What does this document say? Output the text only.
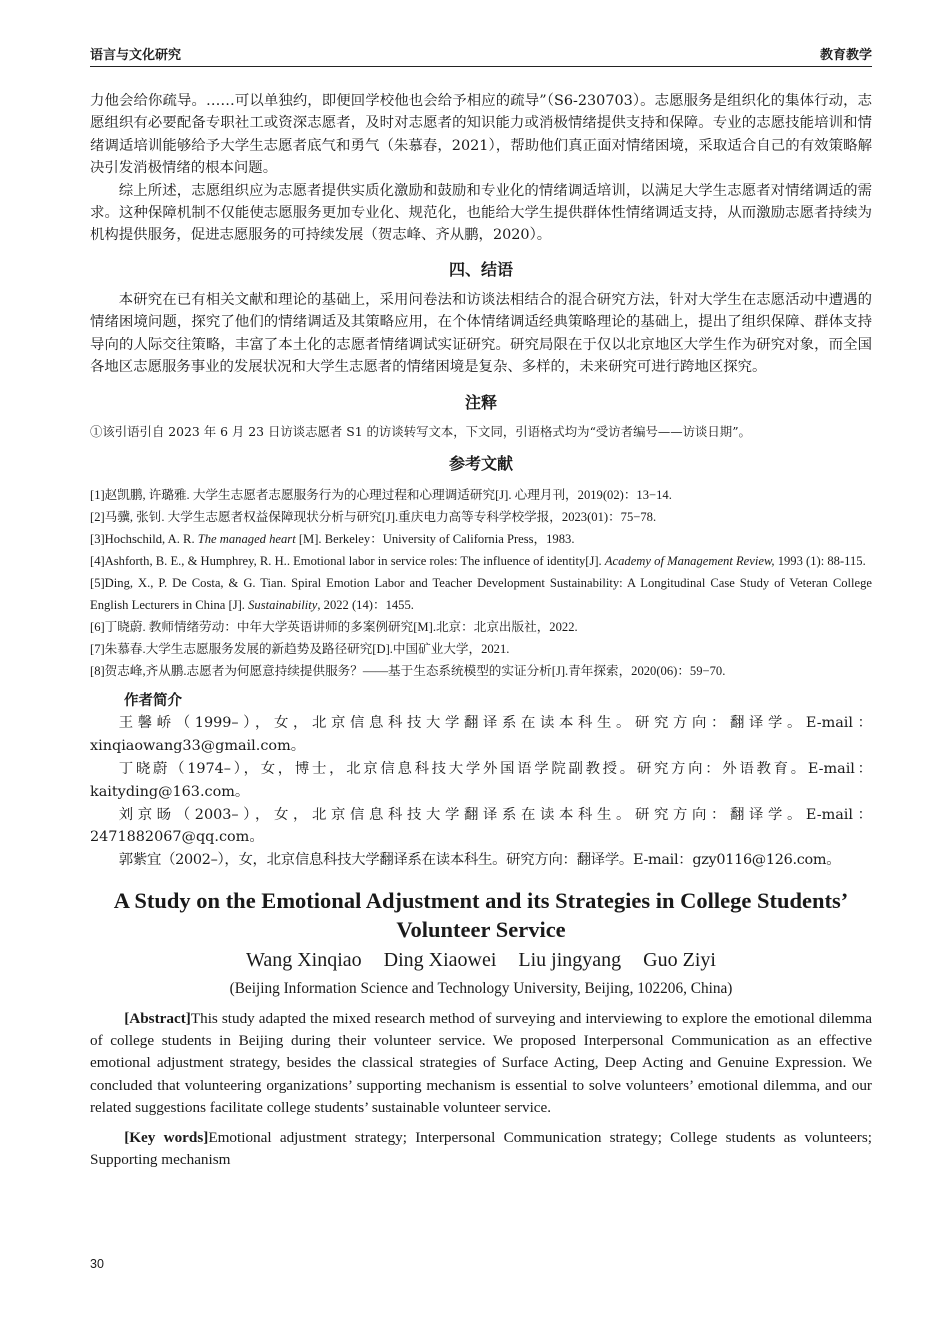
语言与文化研究	教育教学

力他会给你疏导。……可以单独约，即便回学校他也会给予相应的疏导”（S6-230703）。志愿服务是组织化的集体行动，志愿组织有必要配备专职社工或资深志愿者，及时对志愿者的知识能力或消极情绪提供支持和保障。专业的志愿技能培训和情绪调适培训能够给予大学生志愿者底气和勇气（朱慕春，2021），帮助他们真正面对情绪困境，采取适合自己的有效策略解决引发消极情绪的根本问题。

综上所述，志愿组织应为志愿者提供实质化激励和鼓励和专业化的情绪调适培训，以满足大学生志愿者对情绪调适的需求。这种保障机制不仅能使志愿服务更加专业化、规范化，也能给大学生提供群体性情绪调适支持，从而激励志愿者持续为机构提供服务，促进志愿服务的可持续发展（贺志峰、齐从鹏，2020）。

四、结语

本研究在已有相关文献和理论的基础上，采用问卷法和访谈法相结合的混合研究方法，针对大学生在志愿活动中遭遇的情绪困境问题，探究了他们的情绪调适及其策略应用，在个体情绪调适经典策略理论的基础上，提出了组织保障、群体支持导向的人际交往策略，丰富了本土化的志愿者情绪调试实证研究。研究局限在于仅以北京地区大学生作为研究对象，而全国各地区志愿服务事业的发展状况和大学生志愿者的情绪困境是复杂、多样的，未来研究可进行跨地区探究。

注释

①该引语引自 2023 年 6 月 23 日访谈志愿者 S1 的访谈转写文本，下文同，引语格式均为“受访者编号——访谈日期”。

参考文献

[1]赵凯鹏, 许璐雅. 大学生志愿者志愿服务行为的心理过程和心理调适研究[J]. 心理月刊，2019(02)：13−14.

[2]马骥, 张钊. 大学生志愿者权益保障现状分析与研究[J].重庆电力高等专科学校学报，2023(01)：75−78.

[3]Hochschild, A. R. The managed heart [M]. Berkeley：University of California Press，1983.

[4]Ashforth, B. E., & Humphrey, R. H.. Emotional labor in service roles: The influence of identity[J]. Academy of Management Review, 1993 (1): 88-115.

[5]Ding, X., P. De Costa, & G. Tian. Spiral Emotion Labor and Teacher Development Sustainability: A Longitudinal Case Study of Veteran College English Lecturers in China [J]. Sustainability, 2022 (14)：1455.

[6]丁晓蔚. 教师情绪劳动：中年大学英语讲师的多案例研究[M].北京：北京出版社，2022.

[7]朱慕春.大学生志愿服务发展的新趋势及路径研究[D].中国矿业大学，2021.

[8]贺志峰,齐从鹏.志愿者为何愿意持续提供服务？——基于生态系统模型的实证分析[J].青年探索，2020(06)：59−70.

作者简介

王馨峤（1999–），女，北京信息科技大学翻译系在读本科生。研究方向：翻译学。E-mail：xinqiaowang33@gmail.com。

丁晓蔚（1974–），女，博士，北京信息科技大学外国语学院副教授。研究方向：外语教育。E-mail：kaityding@163.com。

刘京旸（2003–），女，北京信息科技大学翻译系在读本科生。研究方向：翻译学。E-mail：2471882067@qq.com。

郭紫宜（2002–），女，北京信息科技大学翻译系在读本科生。研究方向：翻译学。E-mail：gzy0116@126.com。

A Study on the Emotional Adjustment and its Strategies in College Students’ Volunteer Service
Wang Xinqiao Ding Xiaowei Liu jingyang Guo Ziyi
(Beijing Information Science and Technology University, Beijing, 102206, China)

[Abstract]This study adapted the mixed research method of surveying and interviewing to explore the emotional dilemma of college students in Beijing during their volunteer service. We proposed Interpersonal Communication as an effective emotional adjustment strategy, besides the classical strategies of Surface Acting, Deep Acting and Genuine Expression. We concluded that volunteering organizations’ supporting mechanism is essential to solve volunteers’ emotional dilemma, and our related suggestions facilitate college students’ sustainable volunteer service.

[Key words]Emotional adjustment strategy; Interpersonal Communication strategy; College students as volunteers; Supporting mechanism

30
